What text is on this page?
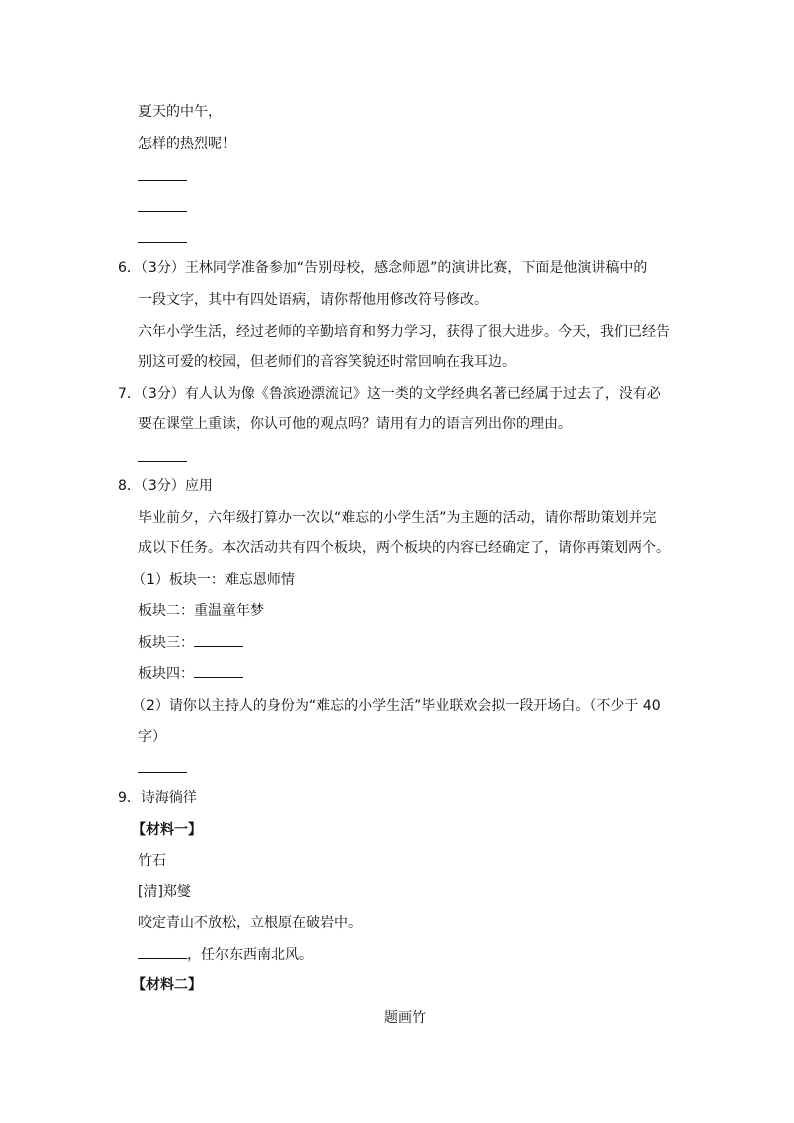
夏天的中午，
怎样的热烈呢！
6．（3分）王林同学准备参加“告别母校，感念师恩”的演讲比赛，下面是他演讲稿中的
一段文字，其中有四处语病，请你帮他用修改符号修改。
六年小学生活，经过老师的辛勤培育和努力学习，获得了很大进步。今天，我们已经告
别这可爱的校园，但老师们的音容笑貌还时常回响在我耳边。
7．（3分）有人认为像《鲁滨逊漂流记》这一类的文学经典名著已经属于过去了，没有必
要在课堂上重读，你认可他的观点吗？请用有力的语言列出你的理由。
8．（3分）应用
毕业前夕，六年级打算办一次以“难忘的小学生活”为主题的活动，请你帮助策划并完
成以下任务。本次活动共有四个板块，两个板块的内容已经确定了，请你再策划两个。
（1）板块一：难忘恩师情
板块二：重温童年梦
板块三：
板块四：
（2）请你以主持人的身份为“难忘的小学生活”毕业联欢会拟一段开场白。（不少于 40
字）
9．诗海徜徉
【材料一】
竹石
[清]郑燮
咬定青山不放松，立根原在破岩中。
，任尔东西南北风。
【材料二】
题画竹
